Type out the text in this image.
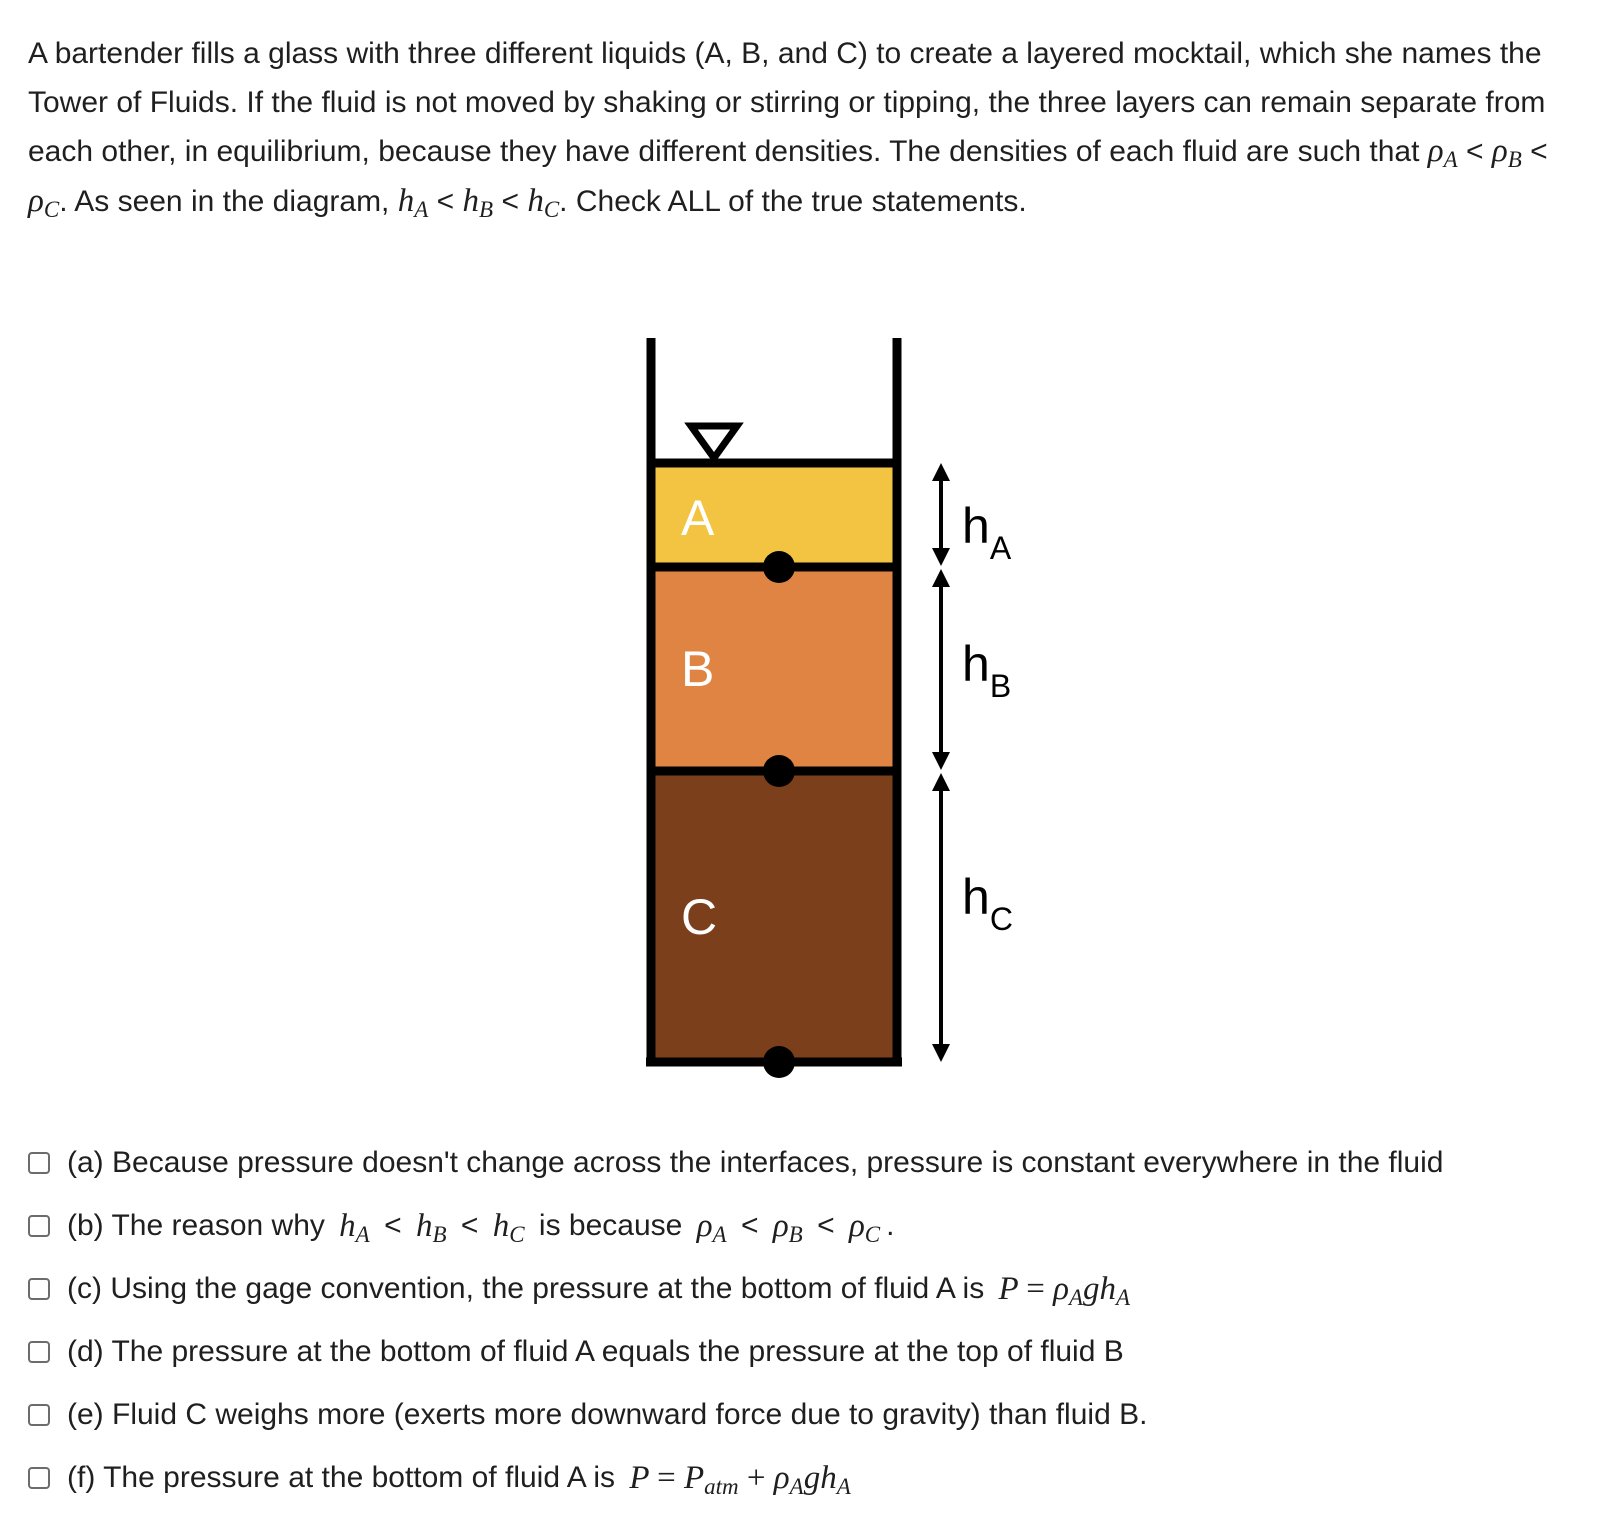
A bartender fills a glass with three different liquids (A, B, and C) to create a layered mocktail, which she names the Tower of Fluids. If the fluid is not moved by shaking or stirring or tipping, the three layers can remain separate from each other, in equilibrium, because they have different densities. The densities of each fluid are such that $\rho_A < \rho_B < \rho_C$. As seen in the diagram, $h_A < h_B < h_C$. Check ALL of the true statements.
A
B
C
$h_A$
$h_B$
$h_C$
(a) Because pressure doesn't change across the interfaces, pressure is constant everywhere in the fluid
(b) The reason why $h_A$
<
$h_B$
<
$h_C$
is because
$\rho_A$
<
$\rho_B$
<
$\rho_C$ .
(c) Using the gage convention, the pressure at the bottom of fluid A is $P = \rho_Agh_A$
(d) The pressure at the bottom of fluid A equals the pressure at the top of fluid B
(e) Fluid C weighs more (exerts more downward force due to gravity) than fluid B.
(f) The pressure at the bottom of fluid A is $P = P_{atm} + \rho_Agh_A$
